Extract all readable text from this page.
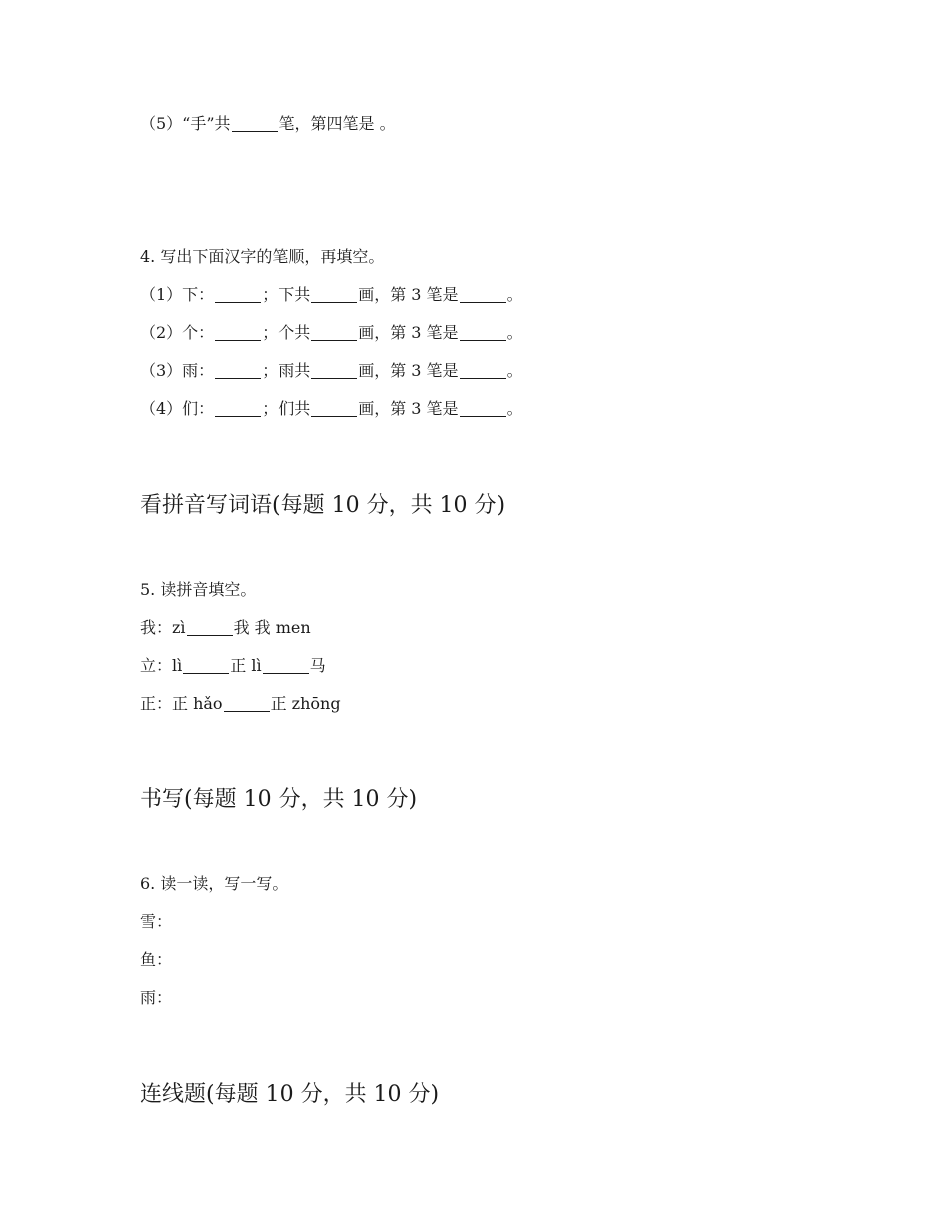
（5）“手”共	笔，第四笔是 。
4. 写出下面汉字的笔顺，再填空。
（1）下：	；下共	画，第 3 笔是	。
（2）个：	；个共	画，第 3 笔是	。
（3）雨：	；雨共	画，第 3 笔是	。
（4）们：	；们共	画，第 3 笔是	。
看拼音写词语(每题 10 分，共 10 分)
5. 读拼音填空。
我：zì	我 我 men
立：lì	正 lì	马
正：正 hǎo	正 zhōng
书写(每题 10 分，共 10 分)
6. 读一读，写一写。
雪：
鱼：
雨：
连线题(每题 10 分，共 10 分)
